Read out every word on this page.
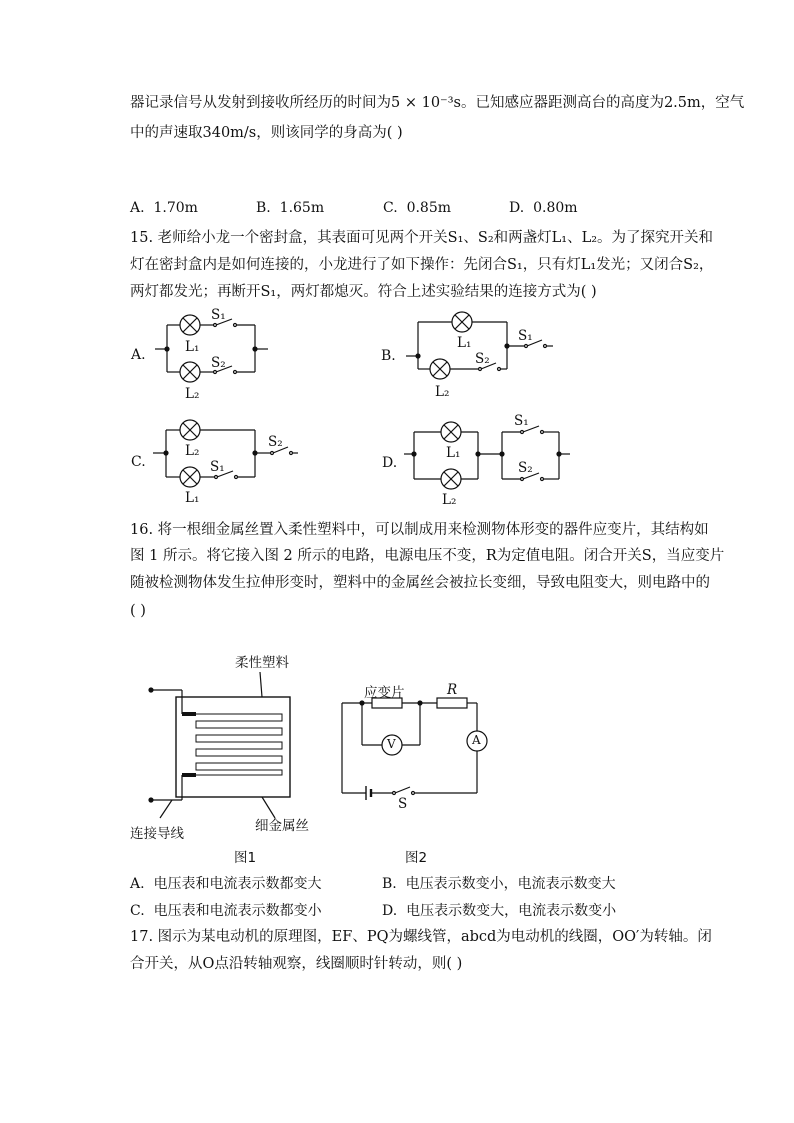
器记录信号从发射到接收所经历的时间为5 × 10⁻³s。已知感应器距测高台的高度为2.5m，空气
中的声速取340m/s，则该同学的身高为( )
A. 1.70m	B. 1.65m	C. 0.85m	D. 0.80m
15. 老师给小龙一个密封盒，其表面可见两个开关S₁、S₂和两盏灯L₁、L₂。为了探究开关和
灯在密封盒内是如何连接的，小龙进行了如下操作：先闭合S₁，只有灯L₁发光；又闭合S₂，
两灯都发光；再断开S₁，两灯都熄灭。符合上述实验结果的连接方式为( )
A.	L₁
L₂
S₁
S₂	B.
L₁
L₂
S₂
S₁
C.
L₂
L₁
S₁
S₂
D.
L₁
L₂
S₁
S₂
16. 将一根细金属丝置入柔性塑料中，可以制成用来检测物体形变的器件应变片，其结构如
图 1 所示。将它接入图 2 所示的电路，电源电压不变，R为定值电阻。闭合开关S，当应变片
随被检测物体发生拉伸形变时，塑料中的金属丝会被拉长变细，导致电阻变大，则电路中的
( )
柔性塑料
连接导线	细金属丝
图1
应变片	R
V	A
S
图2
A. 电压表和电流表示数都变大	B. 电压表示数变小，电流表示数变大
C. 电压表和电流表示数都变小	D. 电压表示数变大，电流表示数变小
17. 图示为某电动机的原理图，EF、PQ为螺线管，abcd为电动机的线圈，OO′为转轴。闭
合开关，从O点沿转轴观察，线圈顺时针转动，则( )
